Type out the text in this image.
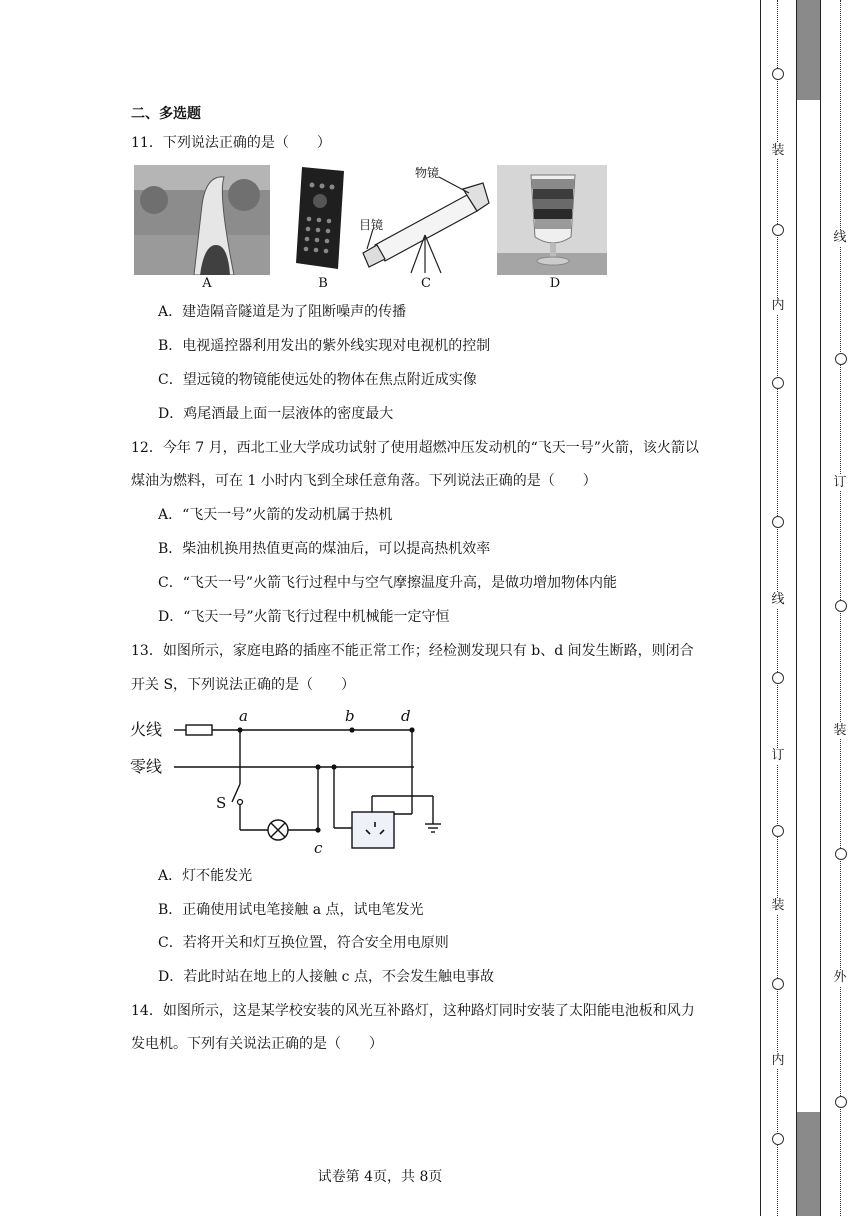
二、多选题
11．下列说法正确的是（　　）
物镜
目镜
A	B	C	D
A．建造隔音隧道是为了阻断噪声的传播
B．电视遥控器利用发出的紫外线实现对电视机的控制
C．望远镜的物镜能使远处的物体在焦点附近成实像
D．鸡尾酒最上面一层液体的密度最大
12．今年 7 月，西北工业大学成功试射了使用超燃冲压发动机的“飞天一号”火箭，该火箭以
煤油为燃料，可在 1 小时内飞到全球任意角落。下列说法正确的是（　　）
A．“飞天一号”火箭的发动机属于热机
B．柴油机换用热值更高的煤油后，可以提高热机效率
C．“飞天一号”火箭飞行过程中与空气摩擦温度升高，是做功增加物体内能
D．“飞天一号”火箭飞行过程中机械能一定守恒
13．如图所示，家庭电路的插座不能正常工作；经检测发现只有 b、d 间发生断路，则闭合
开关 S，下列说法正确的是（　　）
火线
零线
S
a	b	d
c
A．灯不能发光
B．正确使用试电笔接触 a 点，试电笔发光
C．若将开关和灯互换位置，符合安全用电原则
D．若此时站在地上的人接触 c 点，不会发生触电事故
14．如图所示，这是某学校安装的风光互补路灯，这种路灯同时安装了太阳能电池板和风力
发电机。下列有关说法正确的是（　　）
试卷第 4页，共 8页
装
内
线
订
装
内
线
订
装
外
